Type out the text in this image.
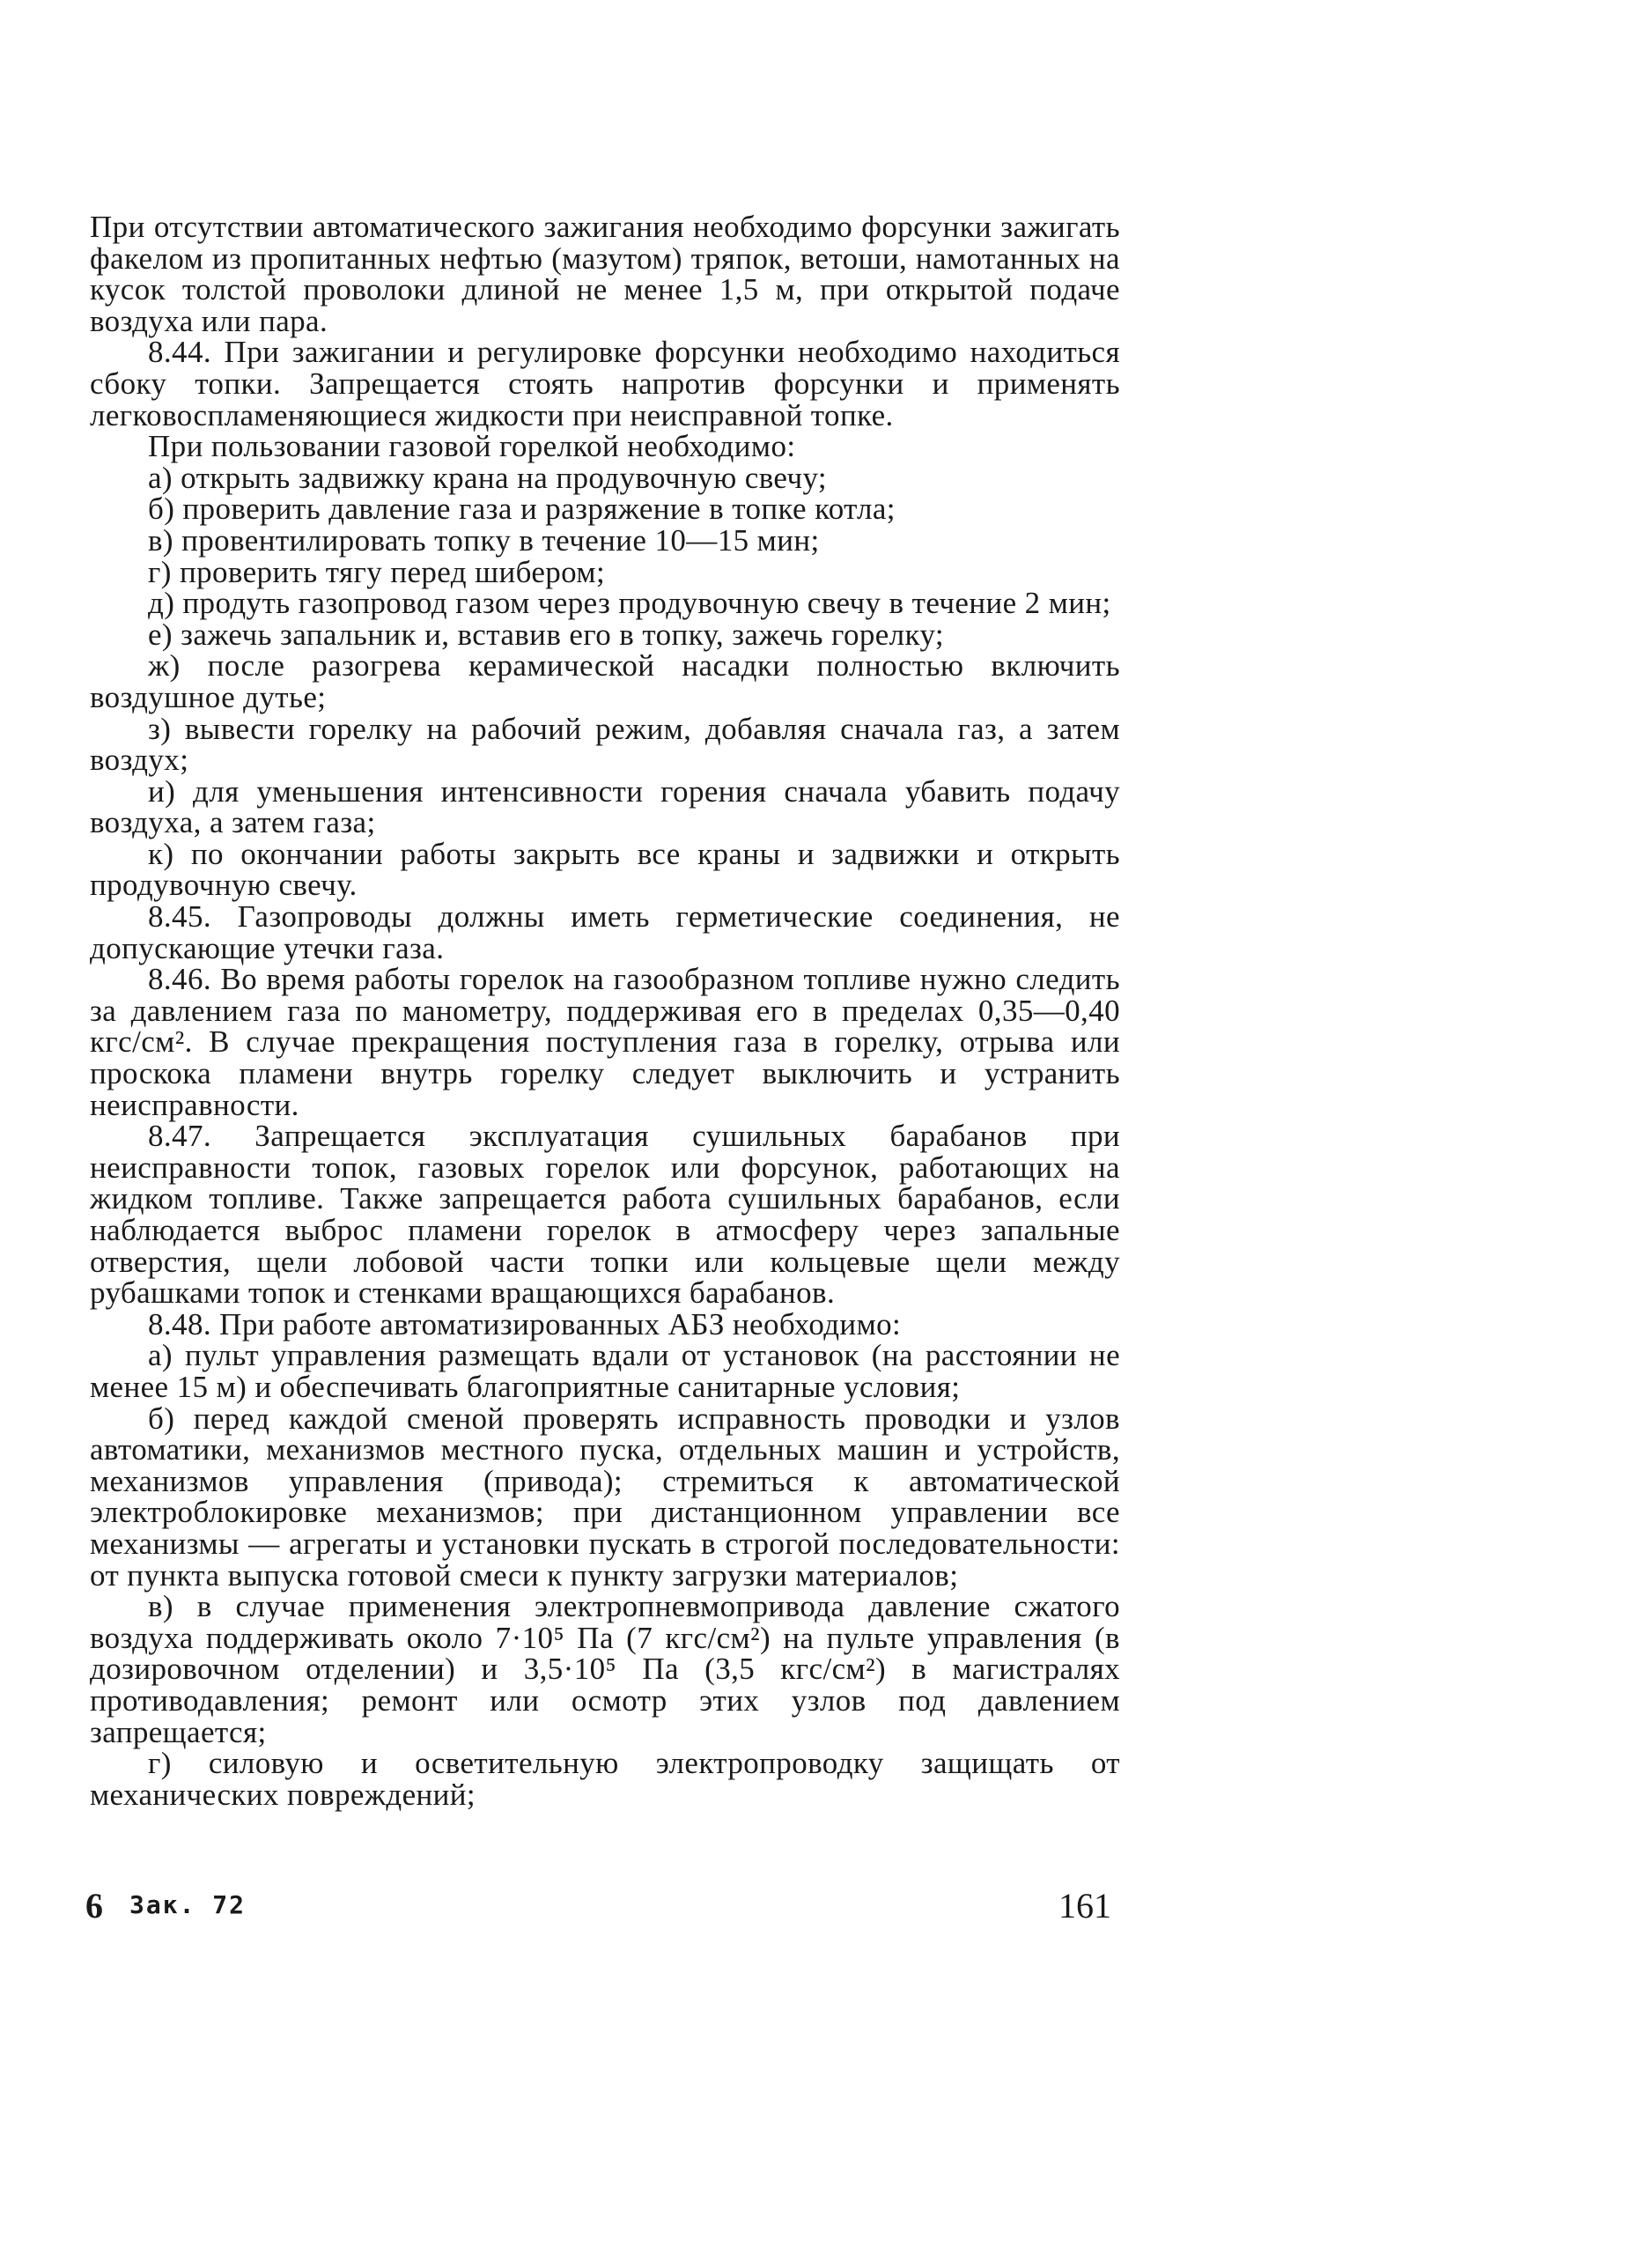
При отсутствии автоматического зажигания необходимо форсунки зажигать факелом из пропитанных нефтью (мазутом) тряпок, ветоши, намотанных на кусок толстой проволоки длиной не менее 1,5 м, при открытой подаче воздуха или пара.

8.44. При зажигании и регулировке форсунки необходимо находиться сбоку топки. Запрещается стоять напротив форсунки и применять легковоспламеняющиеся жидкости при неисправной топке.

При пользовании газовой горелкой необходимо:

а) открыть задвижку крана на продувочную свечу;

б) проверить давление газа и разряжение в топке котла;

в) провентилировать топку в течение 10—15 мин;

г) проверить тягу перед шибером;

д) продуть газопровод газом через продувочную свечу в течение 2 мин;

е) зажечь запальник и, вставив его в топку, зажечь горелку;

ж) после разогрева керамической насадки полностью включить воздушное дутье;

з) вывести горелку на рабочий режим, добавляя сначала газ, а затем воздух;

и) для уменьшения интенсивности горения сначала убавить подачу воздуха, а затем газа;

к) по окончании работы закрыть все краны и задвижки и открыть продувочную свечу.

8.45. Газопроводы должны иметь герметические соединения, не допускающие утечки газа.

8.46. Во время работы горелок на газообразном топливе нужно следить за давлением газа по манометру, поддерживая его в пределах 0,35—0,40 кгс/см². В случае прекращения поступления газа в горелку, отрыва или проскока пламени внутрь горелку следует выключить и устранить неисправности.

8.47. Запрещается эксплуатация сушильных барабанов при неисправности топок, газовых горелок или форсунок, работающих на жидком топливе. Также запрещается работа сушильных барабанов, если наблюдается выброс пламени горелок в атмосферу через запальные отверстия, щели лобовой части топки или кольцевые щели между рубашками топок и стенками вращающихся барабанов.

8.48. При работе автоматизированных АБЗ необходимо:

а) пульт управления размещать вдали от установок (на расстоянии не менее 15 м) и обеспечивать благоприятные санитарные условия;

б) перед каждой сменой проверять исправность проводки и узлов автоматики, механизмов местного пуска, отдельных машин и устройств, механизмов управления (привода); стремиться к автоматической электроблокировке механизмов; при дистанционном управлении все механизмы — агрегаты и установки пускать в строгой последовательности: от пункта выпуска готовой смеси к пункту загрузки материалов;

в) в случае применения электропневмопривода давление сжатого воздуха поддерживать около 7·10⁵ Па (7 кгс/см²) на пульте управления (в дозировочном отделении) и 3,5·10⁵ Па (3,5 кгс/см²) в магистралях противодавления; ремонт или осмотр этих узлов под давлением запрещается;

г) силовую и осветительную электропроводку защищать от механических повреждений;

6 Зак. 72	161
